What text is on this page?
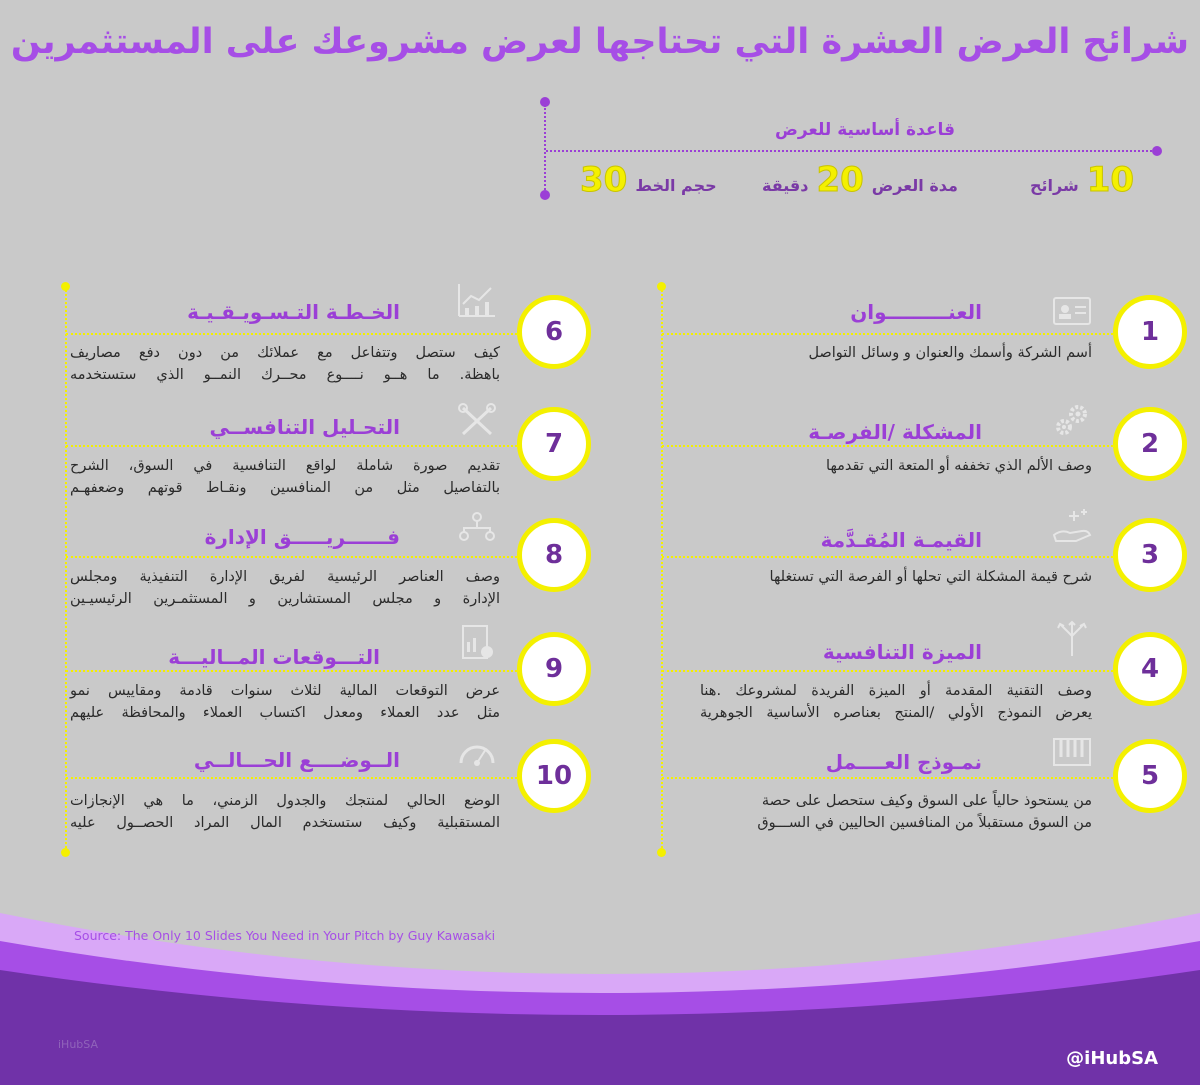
شرائح العرض العشرة التي تحتاجها لعرض مشروعك على المستثمرين
قاعدة أساسية للعرض
10
شرائح
مدة العرض
20
دقيقة
حجم الخط
30
1
العنـــــــــوان
أسم الشركة وأسمك والعنوان و وسائل التواصل
2
المشكلة /الفرصـة
وصف الألم الذي تخففه أو المتعة التي تقدمها
3
القيمـة المُقـدَّمة
شرح قيمة المشكلة التي تحلها أو الفرصة التي تستغلها
4
الميزة التنافسية
وصف التقنية المقدمة أو الميزة الفريدة لمشروعك .هنا
يعرض النموذج الأولي /المنتج بعناصره الأساسية الجوهرية
5
نمـوذج العــــمل
من يستحوذ حالياً على السوق وكيف ستحصل على حصة
من السوق مستقبلاً من المنافسين الحاليين في الســـوق
6
الخـطـة التـسـويـقـيـة
كيف ستصل وتتفاعل مع عملائك من دون دفع مصاريف
باهظة. ما هــو نــــوع محــرك النمــو الذي ستستخدمه
7
التحـليل التنافســي
تقديم صورة شاملة لواقع التنافسية في السوق، الشرح
بالتفاصيل مثل من المنافسين ونقـاط قوتهم وضعفهـم
8
فــــــريـــــق الإدارة
وصف العناصر الرئيسية لفريق الإدارة التنفيذية ومجلس
الإدارة و مجلس المستشارين و المستثمـرين الرئيسيـين
9
التـــوقعات المــاليـــة
عرض التوقعات المالية لثلاث سنوات قادمة ومقاييس نمو
مثل عدد العملاء ومعدل اكتساب العملاء والمحافظة عليهم
10
الــوضــــع الحـــالــي
الوضع الحالي لمنتجك والجدول الزمني، ما هي الإنجازات
المستقبلية وكيف ستستخدم المال المراد الحصــول عليه
Source: The Only 10 Slides You Need in Your Pitch by Guy Kawasaki
iHubSA
@iHubSA
